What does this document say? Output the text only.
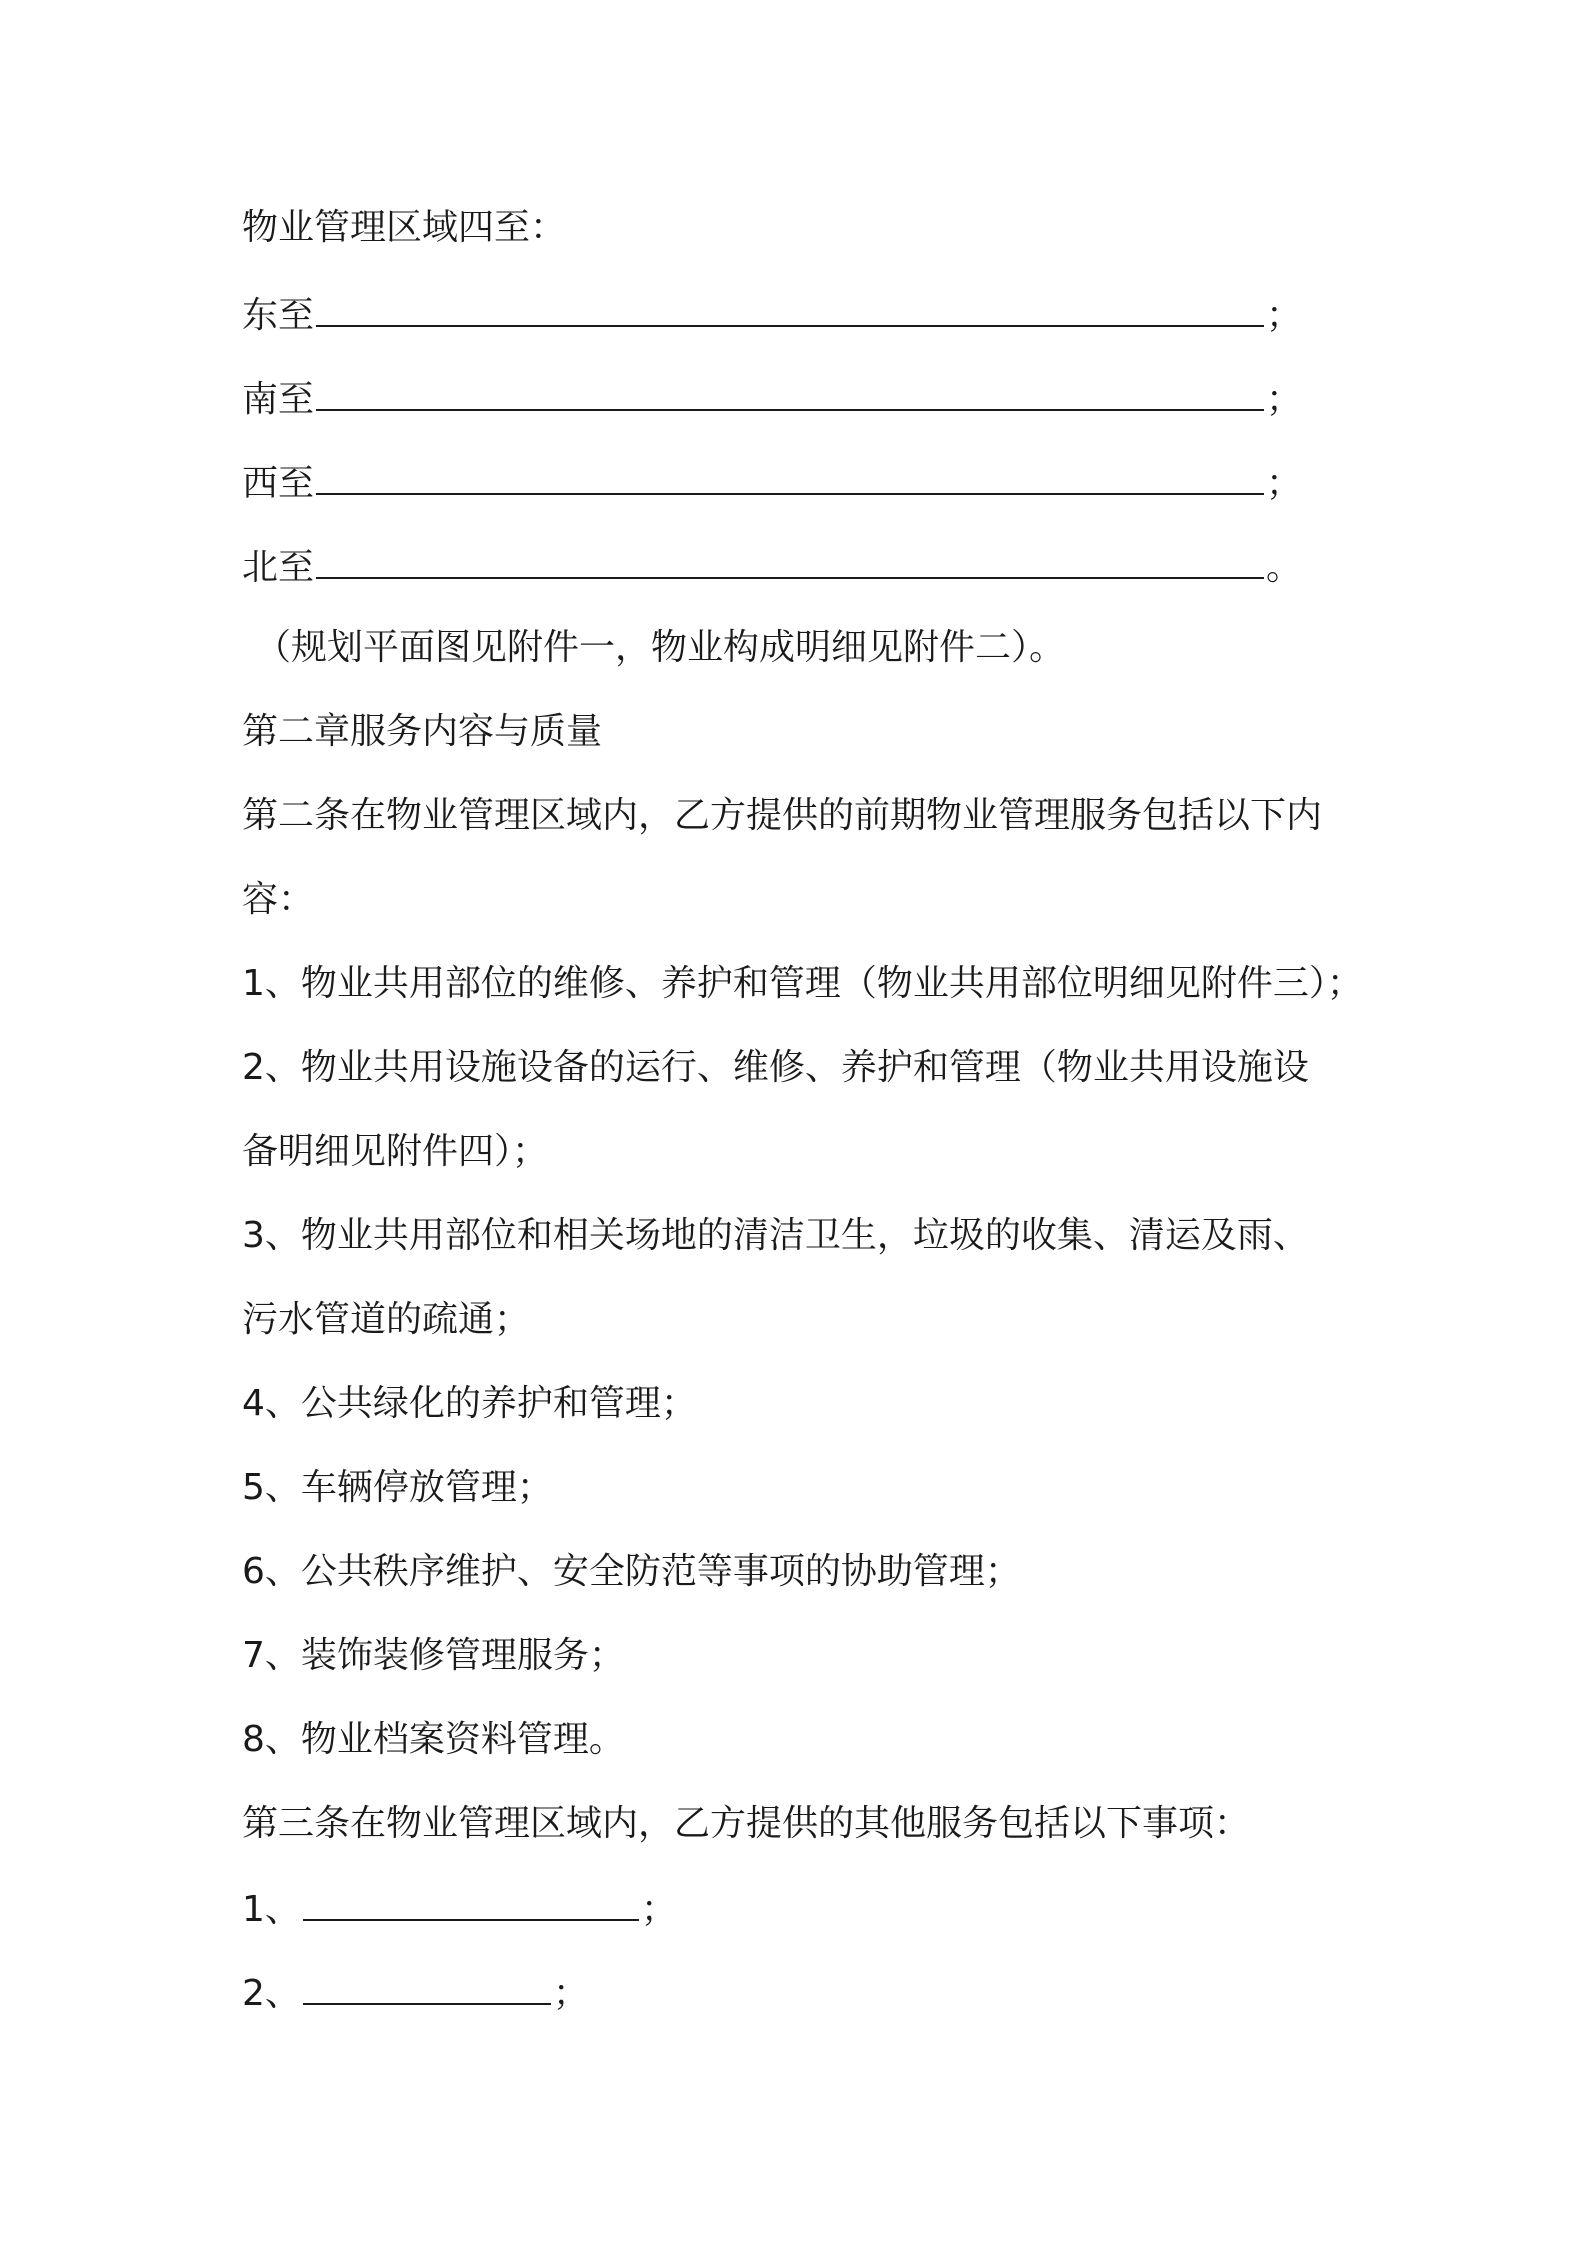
物业管理区域四至：
东至	；
南至	；
西至	；
北至	。
（规划平面图见附件一，物业构成明细见附件二）。
第二章服务内容与质量
第二条在物业管理区域内，乙方提供的前期物业管理服务包括以下内
容：
1、物业共用部位的维修、养护和管理（物业共用部位明细见附件三）；
2、物业共用设施设备的运行、维修、养护和管理（物业共用设施设
备明细见附件四）；
3、物业共用部位和相关场地的清洁卫生，垃圾的收集、清运及雨、
污水管道的疏通；
4、公共绿化的养护和管理；
5、车辆停放管理；
6、公共秩序维护、安全防范等事项的协助管理；
7、装饰装修管理服务；
8、物业档案资料管理。
第三条在物业管理区域内，乙方提供的其他服务包括以下事项：
1、	；
2、	；
